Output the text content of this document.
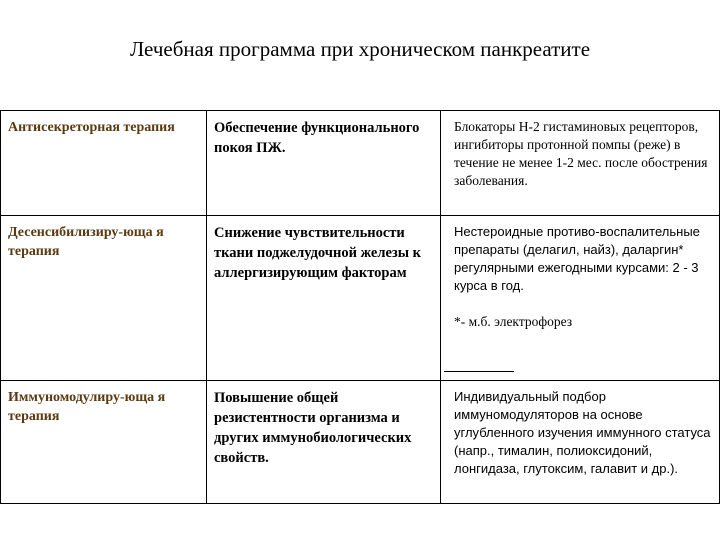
Лечебная программа при хроническом панкреатите
Антисекреторная терапия	Обеспечение функционального покоя ПЖ.	Блокаторы Н-2 гистаминовых рецепторов, ингибиторы протонной помпы (реже) в течение не менее 1-2 мес. после обострения заболевания.

Десенсибилизиру-юща я терапия	Снижение чувствительности ткани поджелудочной железы к аллергизирующим факторам	Нестероидные противо-воспалительные препараты (делагил, найз), даларгин* регулярными ежегодными курсами: 2 - 3 курса в год.
*- м.б. электрофорез

Иммуномодулиру-юща я терапия	Повышение общей резистентности организма и других иммунобиологических свойств.	Индивидуальный подбор иммуномодуляторов на основе углубленного изучения иммунного статуса (напр., тималин, полиоксидоний, лонгидаза, глутоксим, галавит и др.).
